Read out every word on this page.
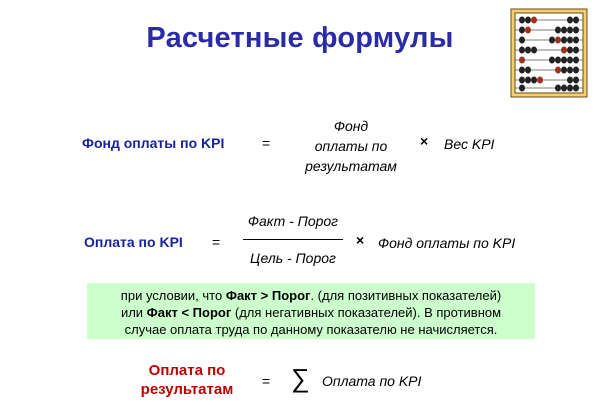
Расчетные формулы
Фонд оплаты по KPI	=
Фонд
оплаты по
результатам
× Вес KPI
Оплата по KPI =
Факт - Порог
Цель - Порог
× Фонд оплаты по KPI
при условии, что Факт > Порог. (для позитивных показателей)
или Факт < Порог (для негативных показателей). В противном
случае оплата труда по данному показателю не начисляется.
Оплата по
результатам	= ∑ Оплата по KPI
